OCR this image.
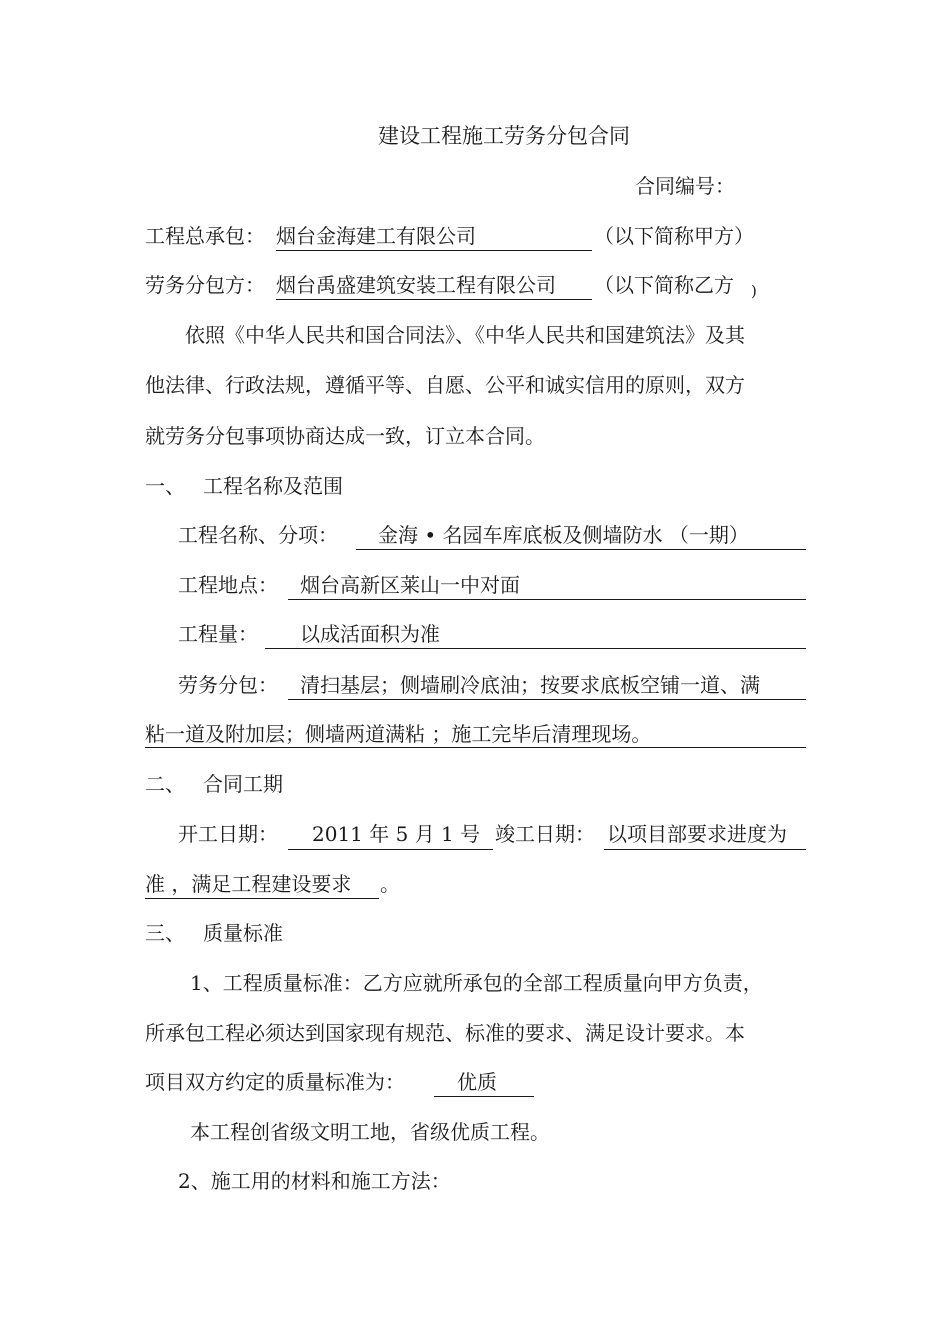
建设工程施工劳务分包合同
合同编号：
工程总承包： 烟台金海建工有限公司	（以下简称甲方）
劳务分包方： 烟台禹盛建筑安装工程有限公司 （以下简称乙方 )
依照《中华人民共和国合同法》、《中华人民共和国建筑法》及其
他法律、行政法规，遵循平等、自愿、公平和诚实信用的原则，双方
就劳务分包事项协商达成一致，订立本合同。
一、 工程名称及范围
工程名称、分项： 金海 • 名园车库底板及侧墙防水 （一期）
工程地点： 烟台高新区莱山一中对面
工程量： 以成活面积为准
劳务分包： 清扫基层；侧墙刷冷底油；按要求底板空铺一道、满
粘一道及附加层；侧墙两道满粘 ；施工完毕后清理现场。
二、 合同工期
开工日期： 2011 年 5 月 1 号 竣工日期： 以项目部要求进度为
准 ，满足工程建设要求 。
三、 质量标准
1、工程质量标准：乙方应就所承包的全部工程质量向甲方负责，
所承包工程必须达到国家现有规范、标准的要求、满足设计要求。本
项目双方约定的质量标准为：	优质
本工程创省级文明工地，省级优质工程。
2、施工用的材料和施工方法：
